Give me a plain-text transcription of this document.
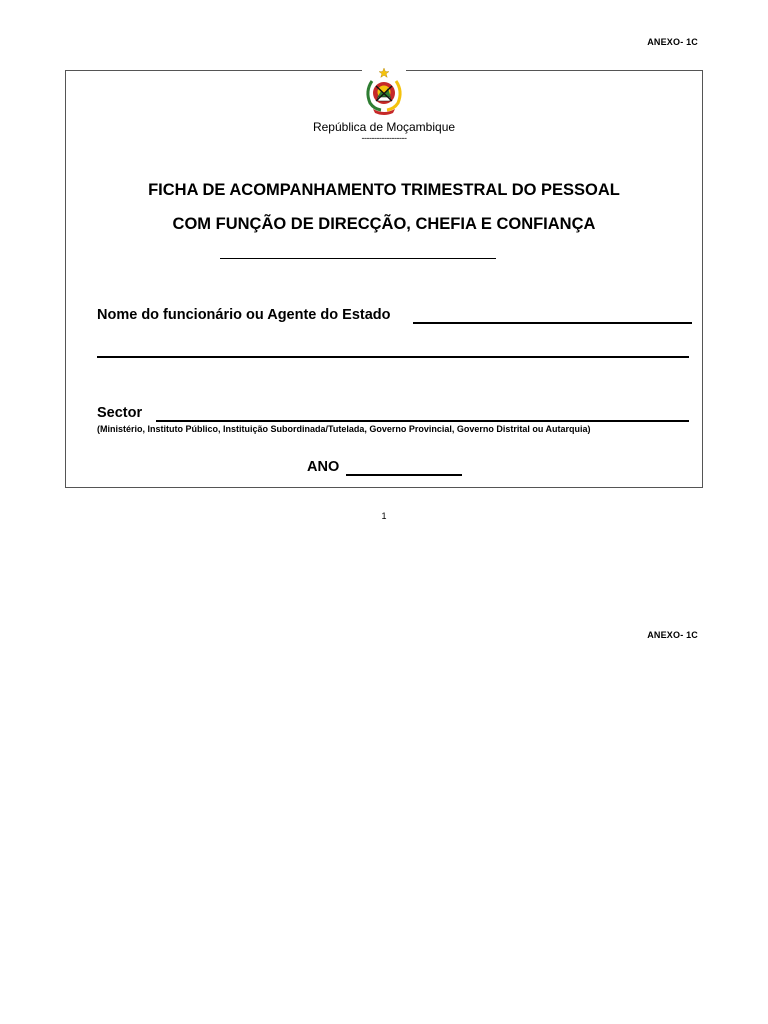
ANEXO- 1C
República de Moçambique
------------------
FICHA DE ACOMPANHAMENTO TRIMESTRAL DO PESSOAL
COM FUNÇÃO DE DIRECÇÃO, CHEFIA E CONFIANÇA
Nome do funcionário ou Agente do Estado
Sector
(Ministério, Instituto Público, Instituição Subordinada/Tutelada, Governo Provincial, Governo Distrital ou Autarquia)
ANO
1
ANEXO- 1C
